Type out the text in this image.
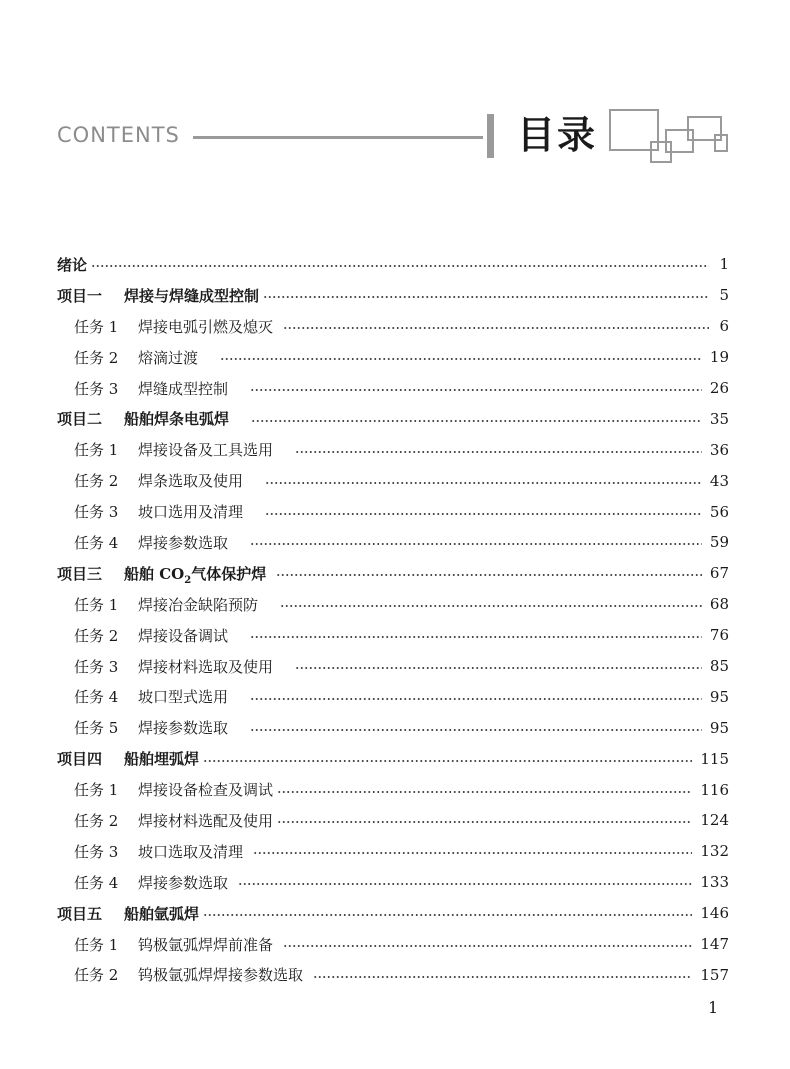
CONTENTS	目录
绪论	1
项目一	焊接与焊缝成型控制	5
任务 1	焊接电弧引燃及熄灭	6
任务 2	熔滴过渡	19
任务 3	焊缝成型控制	26
项目二	船舶焊条电弧焊	35
任务 1	焊接设备及工具选用	36
任务 2	焊条选取及使用	43
任务 3	坡口选用及清理	56
任务 4	焊接参数选取	59
项目三	船舶 $CO_2$气体保护焊	67
任务 1	焊接冶金缺陷预防	68
任务 2	焊接设备调试	76
任务 3	焊接材料选取及使用	85
任务 4	坡口型式选用	95
任务 5	焊接参数选取	95
项目四	船舶埋弧焊	115
任务 1	焊接设备检查及调试	116
任务 2	焊接材料选配及使用	124
任务 3	坡口选取及清理	132
任务 4	焊接参数选取	133
项目五	船舶氩弧焊	146
任务 1	钨极氩弧焊焊前准备	147
任务 2	钨极氩弧焊焊接参数选取	157
1
